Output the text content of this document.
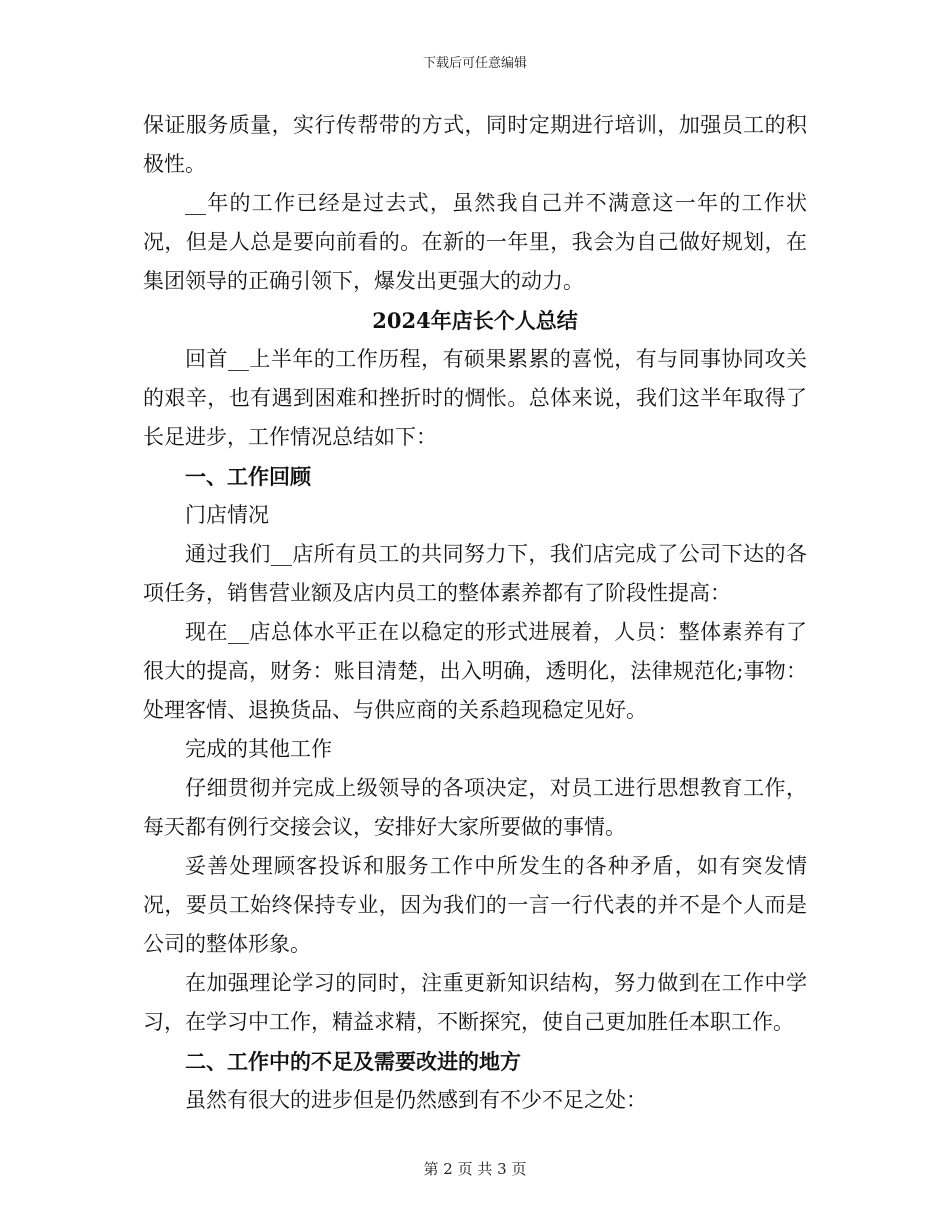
下载后可任意编辑

保证服务质量，实行传帮带的方式，同时定期进行培训，加强员工的积极性。

__年的工作已经是过去式，虽然我自己并不满意这一年的工作状况，但是人总是要向前看的。在新的一年里，我会为自己做好规划，在集团领导的正确引领下，爆发出更强大的动力。

2024年店长个人总结

回首__上半年的工作历程，有硕果累累的喜悦，有与同事协同攻关的艰辛，也有遇到困难和挫折时的惆怅。总体来说，我们这半年取得了长足进步，工作情况总结如下：

一、工作回顾

门店情况

通过我们__店所有员工的共同努力下，我们店完成了公司下达的各项任务，销售营业额及店内员工的整体素养都有了阶段性提高：

现在__店总体水平正在以稳定的形式进展着，人员：整体素养有了很大的提高，财务：账目清楚，出入明确，透明化，法律规范化;事物：处理客情、退换货品、与供应商的关系趋现稳定见好。

完成的其他工作

仔细贯彻并完成上级领导的各项决定，对员工进行思想教育工作，每天都有例行交接会议，安排好大家所要做的事情。

妥善处理顾客投诉和服务工作中所发生的各种矛盾，如有突发情况，要员工始终保持专业，因为我们的一言一行代表的并不是个人而是公司的整体形象。

在加强理论学习的同时，注重更新知识结构，努力做到在工作中学习，在学习中工作，精益求精，不断探究，使自己更加胜任本职工作。

二、工作中的不足及需要改进的地方

虽然有很大的进步但是仍然感到有不少不足之处：

第 2 页 共 3 页
